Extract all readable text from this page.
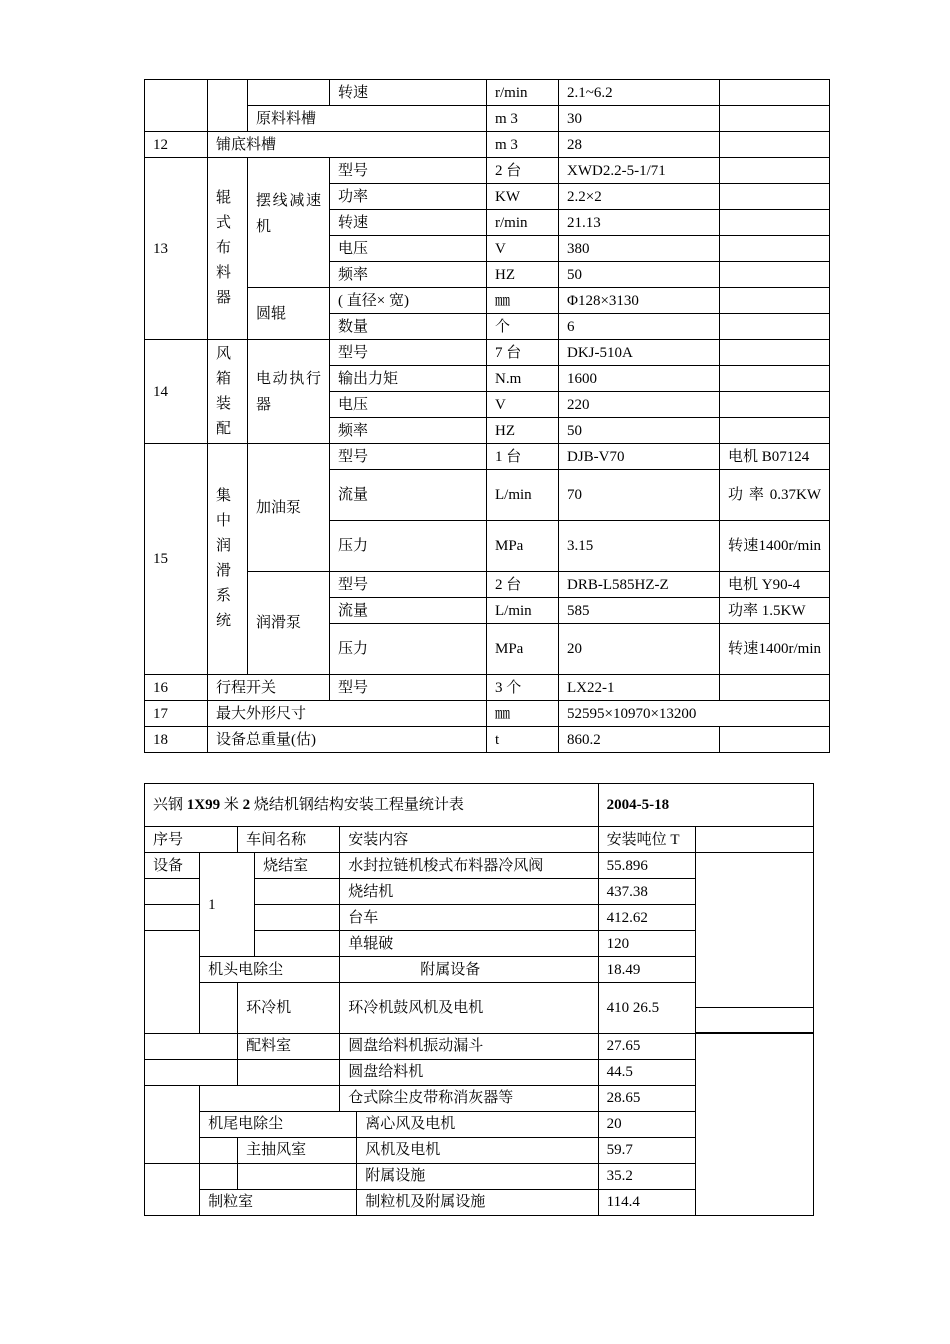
			转速	r/min	2.1~6.2	
		原料料槽		m 3	30	
12	铺底料槽			m 3	28	
13	辊式布料器	摆线减速机	型号	2 台	XWD2.2-5-1/71	
			功率	KW	2.2×2	
			转速	r/min	21.13	
			电压	V	380	
			频率	HZ	50	
		圆辊	( 直径× 宽)	㎜	Φ128×3130	
			数量	个	6	
14	风箱装配	电动执行器	型号	7 台	DKJ-510A	
			输出力矩	N.m	1600	
			电压	V	220	
			频率	HZ	50	
15	集中润滑系统	加油泵	型号	1 台	DJB-V70	电机 B07124
			流量	L/min	70	功率0.37KW
			压力	MPa	3.15	转速1400r/min
		润滑泵	型号	2 台	DRB-L585HZ-Z	电机 Y90-4
			流量	L/min	585	功率 1.5KW
			压力	MPa	20	转速1400r/min
16	行程开关		型号	3 个	LX22-1	
17	最大外形尺寸			㎜	52595×10970×13200	
18	设备总重量(估)			t	860.2	
兴钢 1X99 米 2 烧结机钢结构安装工程量统计表						2004-5-18	
序号		车间名称		安装内容		安装吨位 T	
设备	1		烧结室	水封拉链机梭式布料器冷风阀		55.896	
				烧结机		437.38	
				台车		412.62	
				单辊破		120	
	机头电除尘			附属设备		18.49	
		环冷机		环冷机鼓风机及电机		410 26.5	

		配料室		圆盘给料机振动漏斗		27.65	
				圆盘给料机		44.5	
				仓式除尘皮带称消灰器等		28.65	
	机尾电除尘				离心风及电机	20	
		主抽风室			风机及电机	59.7	
					附属设施	35.2	
	制粒室				制粒机及附属设施	114.4	
